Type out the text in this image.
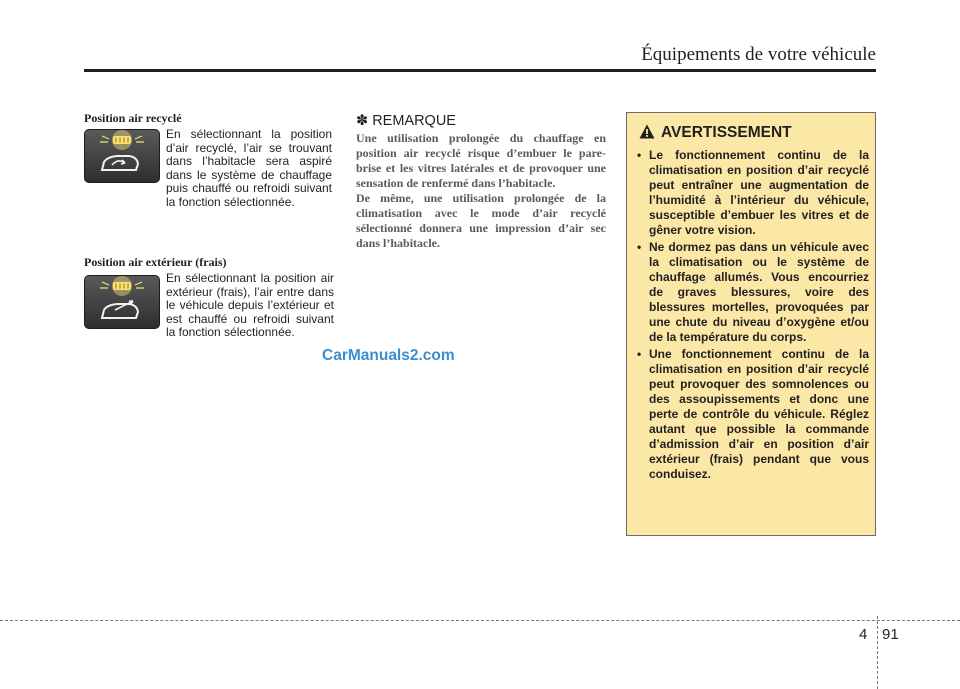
Équipements de votre véhicule
Position air recyclé
En sélectionnant la position d’air recyclé, l’air se trouvant dans l’habitacle sera aspiré dans le système de chauffage puis chauffé ou refroidi suivant la fonction sélectionnée.
Position air extérieur (frais)
En sélectionnant la position air extérieur (frais), l’air entre dans le véhicule depuis l’extérieur et est chauffé ou refroidi suivant la fonction sélectionnée.
CarManuals2.com
✽ REMARQUE

Une utilisation prolongée du chauffage en position air recyclé risque d’embuer le pare-brise et les vitres latérales et de provoquer une sensation de renfermé dans l’habitacle.

De même, une utilisation prolongée de la climatisation avec le mode d’air recyclé sélectionné donnera une impression d’air sec dans l’habitacle.

AVERTISSEMENT
• Le fonctionnement continu de la climatisation en position d’air recyclé peut entraîner une augmentation de l’humidité à l’intérieur du véhicule, susceptible d’embuer les vitres et de gêner votre vision.
• Ne dormez pas dans un véhicule avec la climatisation ou le système de chauffage allumés. Vous encourriez de graves blessures, voire des blessures mortelles, provoquées par une chute du niveau d’oxygène et/ou de la température du corps.
• Une fonctionnement continu de la climatisation en position d’air recyclé peut provoquer des somnolences ou des assoupissements et donc une perte de contrôle du véhicule. Réglez autant que possible la commande d’admission d’air en position d’air extérieur (frais) pendant que vous conduisez.
4 91
